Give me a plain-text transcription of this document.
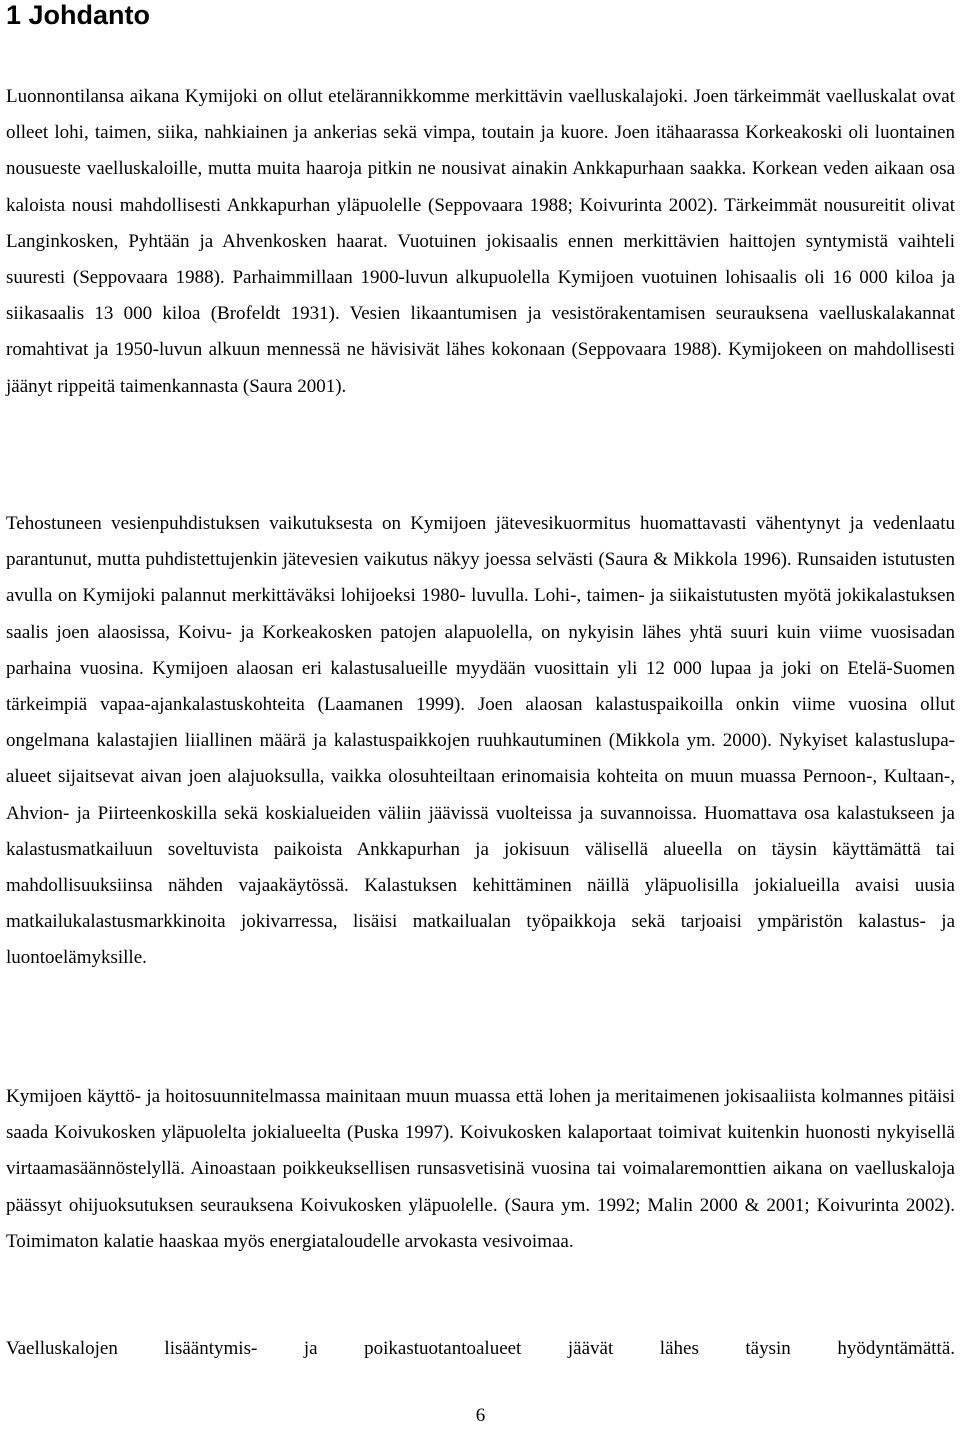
1 Johdanto

Luonnontilansa aikana Kymijoki on ollut etelärannikkomme merkittävin vaelluskalajoki. Joen tärkeimmät vaelluskalat ovat olleet lohi, taimen, siika, nahkiainen ja ankerias sekä vimpa, toutain ja kuore. Joen itähaarassa Korkeakoski oli luontainen nousueste vaelluskaloille, mutta muita haaroja pitkin ne nousivat ainakin Ankkapurhaan saakka. Korkean veden aikaan osa kaloista nousi mahdollisesti Ankkapurhan yläpuolelle (Seppovaara 1988; Koivurinta 2002). Tärkeimmät nousureitit olivat Langinkosken, Pyhtään ja Ahvenkosken haarat. Vuotuinen jokisaalis ennen merkittävien haittojen syntymistä vaihteli suuresti (Seppovaara 1988). Parhaimmillaan 1900-luvun alkupuolella Kymijoen vuotuinen lohisaalis oli 16 000 kiloa ja siikasaalis 13 000 kiloa (Brofeldt 1931). Vesien likaantumisen ja vesistörakentamisen seurauksena vaelluskalakannat romahtivat ja 1950-luvun alkuun mennessä ne hävisivät lähes kokonaan (Seppovaara 1988). Kymijokeen on mahdollisesti jäänyt rippeitä taimenkannasta (Saura 2001).

Tehostuneen vesienpuhdistuksen vaikutuksesta on Kymijoen jätevesikuormitus huomattavasti vähentynyt ja vedenlaatu parantunut, mutta puhdistettujenkin jätevesien vaikutus näkyy joessa selvästi (Saura & Mikkola 1996). Runsaiden istutusten avulla on Kymijoki palannut merkittäväksi lohijoeksi 1980- luvulla. Lohi-, taimen- ja siikaistutusten myötä jokikalastuksen saalis joen alaosissa, Koivu- ja Korkeakosken patojen alapuolella, on nykyisin lähes yhtä suuri kuin viime vuosisadan parhaina vuosina. Kymijoen alaosan eri kalastusalueille myydään vuosittain yli 12 000 lupaa ja joki on Etelä-Suomen tärkeimpiä vapaa-ajankalastuskohteita (Laamanen 1999). Joen alaosan kalastuspaikoilla onkin viime vuosina ollut ongelmana kalastajien liiallinen määrä ja kalastuspaikkojen ruuhkautuminen (Mikkola ym. 2000). Nykyiset kalastuslupa-alueet sijaitsevat aivan joen alajuoksulla, vaikka olosuhteiltaan erinomaisia kohteita on muun muassa Pernoon-, Kultaan-, Ahvion- ja Piirteenkoskilla sekä koskialueiden väliin jäävissä vuolteissa ja suvannoissa. Huomattava osa kalastukseen ja kalastusmatkailuun soveltuvista paikoista Ankkapurhan ja jokisuun välisellä alueella on täysin käyttämättä tai mahdollisuuksiinsa nähden vajaakäytössä. Kalastuksen kehittäminen näillä yläpuolisilla jokialueilla avaisi uusia matkailukalastusmarkkinoita jokivarressa, lisäisi matkailualan työpaikkoja sekä tarjoaisi ympäristön kalastus- ja luontoelämyksille.

Kymijoen käyttö- ja hoitosuunnitelmassa mainitaan muun muassa että lohen ja meritaimenen jokisaaliista kolmannes pitäisi saada Koivukosken yläpuolelta jokialueelta (Puska 1997). Koivukosken kalaportaat toimivat kuitenkin huonosti nykyisellä virtaamasäännöstelyllä. Ainoastaan poikkeuksellisen runsasvetisinä vuosina tai voimalaremonttien aikana on vaelluskaloja päässyt ohijuoksutuksen seurauksena Koivukosken yläpuolelle. (Saura ym. 1992; Malin 2000 & 2001; Koivurinta 2002). Toimimaton kalatie haaskaa myös energiataloudelle arvokasta vesivoimaa.

Vaelluskalojen lisääntymis- ja poikastuotantoalueet jäävät lähes täysin hyödyntämättä.

6
